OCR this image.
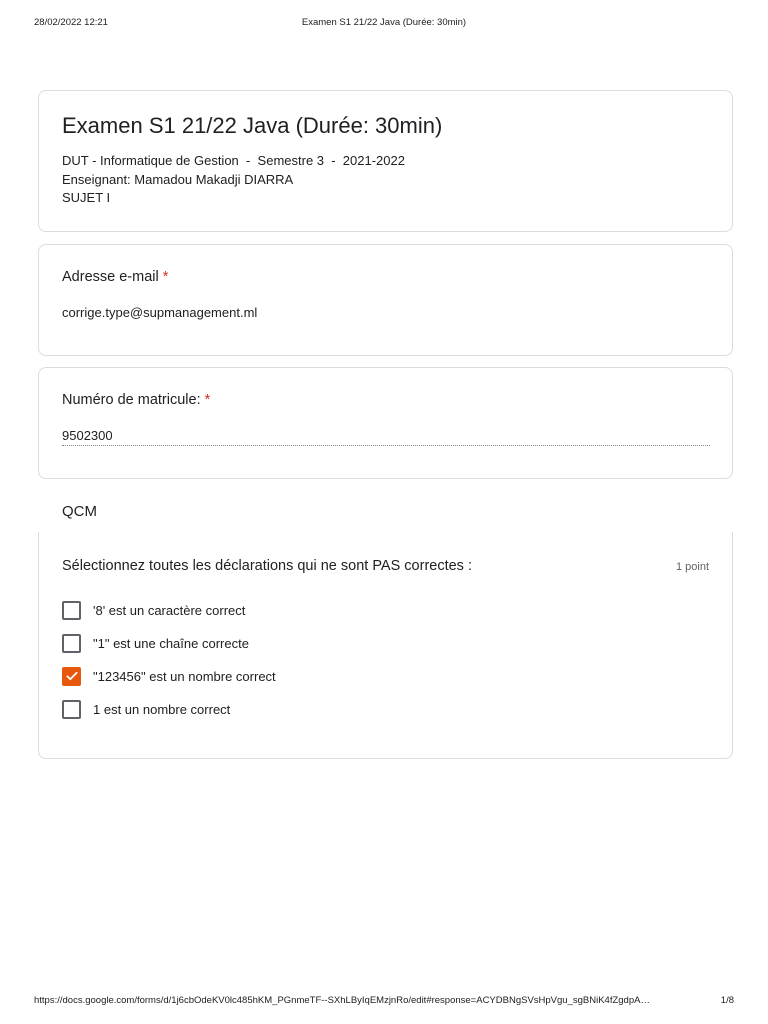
28/02/2022 12:21	Examen S1 21/22 Java (Durée: 30min)
Examen S1 21/22 Java (Durée: 30min)
DUT - Informatique de Gestion  -  Semestre 3  -  2021-2022
Enseignant: Mamadou Makadji DIARRA
SUJET I
Adresse e-mail *
corrige.type@supmanagement.ml
Numéro de matricule: *
9502300
QCM
Sélectionnez toutes les déclarations qui ne sont PAS correctes :	1 point
'8' est un caractère correct
"1" est une chaîne correcte
"123456" est un nombre correct
1 est un nombre correct
https://docs.google.com/forms/d/1j6cbOdeKV0lc485hKM_PGnmeTF--SXhLByIqEMzjnRo/edit#response=ACYDBNgSVsHpVgu_sgBNiK4fZgdpA…	1/8
